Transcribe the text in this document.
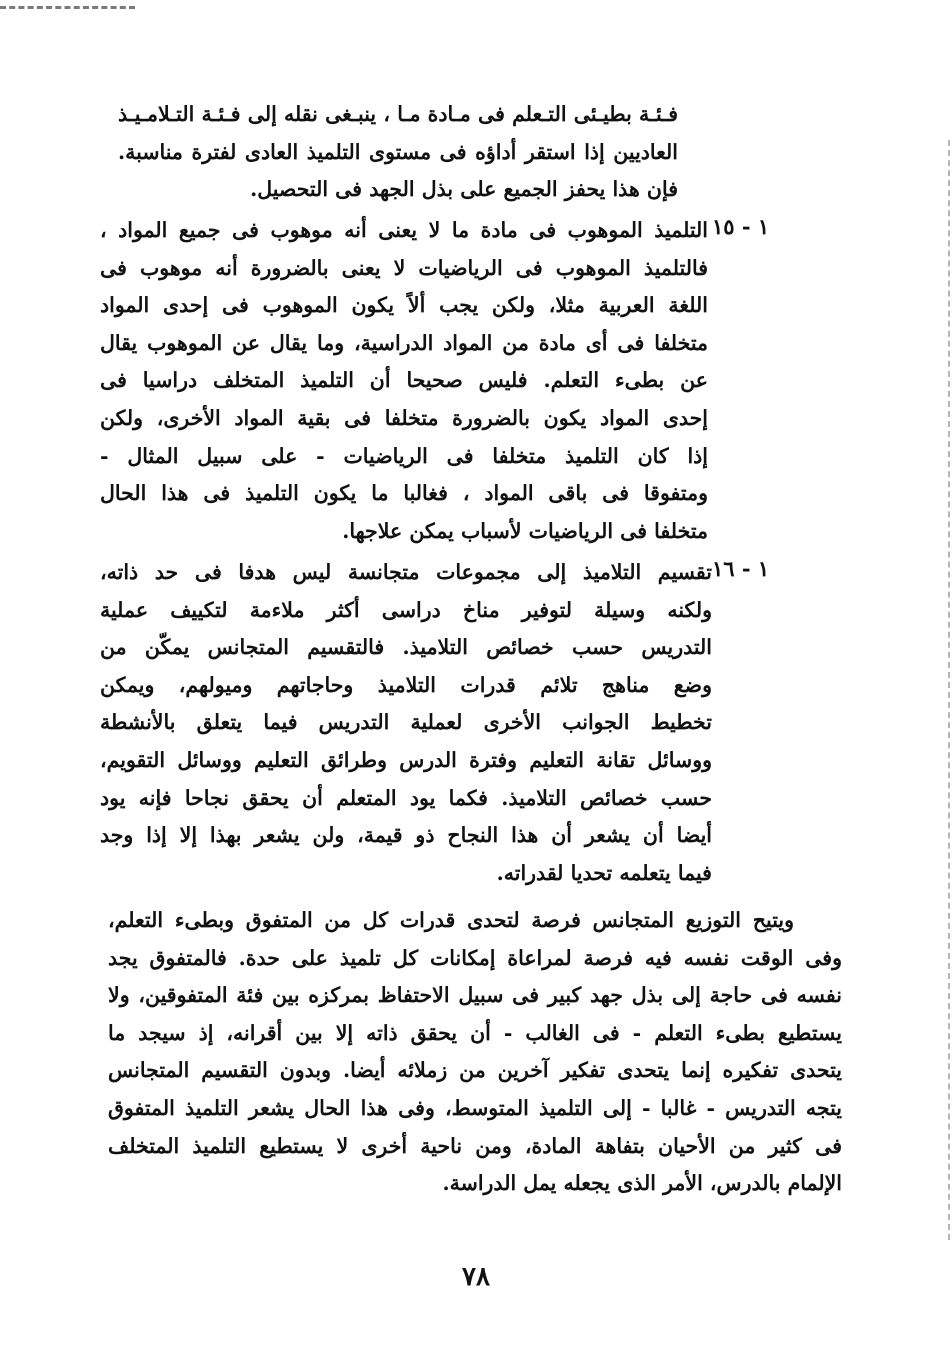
فـئـة بطيـئى التـعلم فى مـادة مـا ، ينبـغى نقله إلى فـئـة التـلامـيـذ
العاديين إذا استقر أداؤه فى مستوى التلميذ العادى لفترة مناسبة.
فإن هذا يحفز الجميع على بذل الجهد فى التحصيل.
١ - ١٥
التلميذ الموهوب فى مادة ما لا يعنى أنه موهوب فى جميع المواد ،
فالتلميذ الموهوب فى الرياضيات لا يعنى بالضرورة أنه موهوب فى
اللغة العربية مثلا، ولكن يجب ألاً يكون الموهوب فى إحدى المواد
متخلفا فى أى مادة من المواد الدراسية، وما يقال عن الموهوب يقال
عن بطىء التعلم. فليس صحيحا أن التلميذ المتخلف دراسيا فى
إحدى المواد يكون بالضرورة متخلفا فى بقية المواد الأخرى، ولكن
إذا كان التلميذ متخلفا فى الرياضيات - على سبيل المثال -
ومتفوقا فى باقى المواد ، فغالبا ما يكون التلميذ فى هذا الحال
متخلفا فى الرياضيات لأسباب يمكن علاجها.
١ - ١٦
تقسيم التلاميذ إلى مجموعات متجانسة ليس هدفا فى حد ذاته،
ولكنه وسيلة لتوفير مناخ دراسى أكثر ملاءمة لتكييف عملية
التدريس حسب خصائص التلاميذ. فالتقسيم المتجانس يمكّن من
وضع مناهج تلائم قدرات التلاميذ وحاجاتهم وميولهم، ويمكن
تخطيط الجوانب الأخرى لعملية التدريس فيما يتعلق بالأنشطة
ووسائل تقانة التعليم وفترة الدرس وطرائق التعليم ووسائل التقويم،
حسب خصائص التلاميذ. فكما يود المتعلم أن يحقق نجاحا فإنه يود
أيضا أن يشعر أن هذا النجاح ذو قيمة، ولن يشعر بهذا إلا إذا وجد
فيما يتعلمه تحديا لقدراته.
ويتيح التوزيع المتجانس فرصة لتحدى قدرات كل من المتفوق وبطىء التعلم،
وفى الوقت نفسه فيه فرصة لمراعاة إمكانات كل تلميذ على حدة. فالمتفوق يجد
نفسه فى حاجة إلى بذل جهد كبير فى سبيل الاحتفاظ بمركزه بين فئة المتفوقين، ولا
يستطيع بطىء التعلم - فى الغالب - أن يحقق ذاته إلا بين أقرانه، إذ سيجد ما
يتحدى تفكيره إنما يتحدى تفكير آخرين من زملائه أيضا. وبدون التقسيم المتجانس
يتجه التدريس - غالبا - إلى التلميذ المتوسط، وفى هذا الحال يشعر التلميذ المتفوق
فى كثير من الأحيان بتفاهة المادة، ومن ناحية أخرى لا يستطيع التلميذ المتخلف
الإلمام بالدرس، الأمر الذى يجعله يمل الدراسة.
٧٨
